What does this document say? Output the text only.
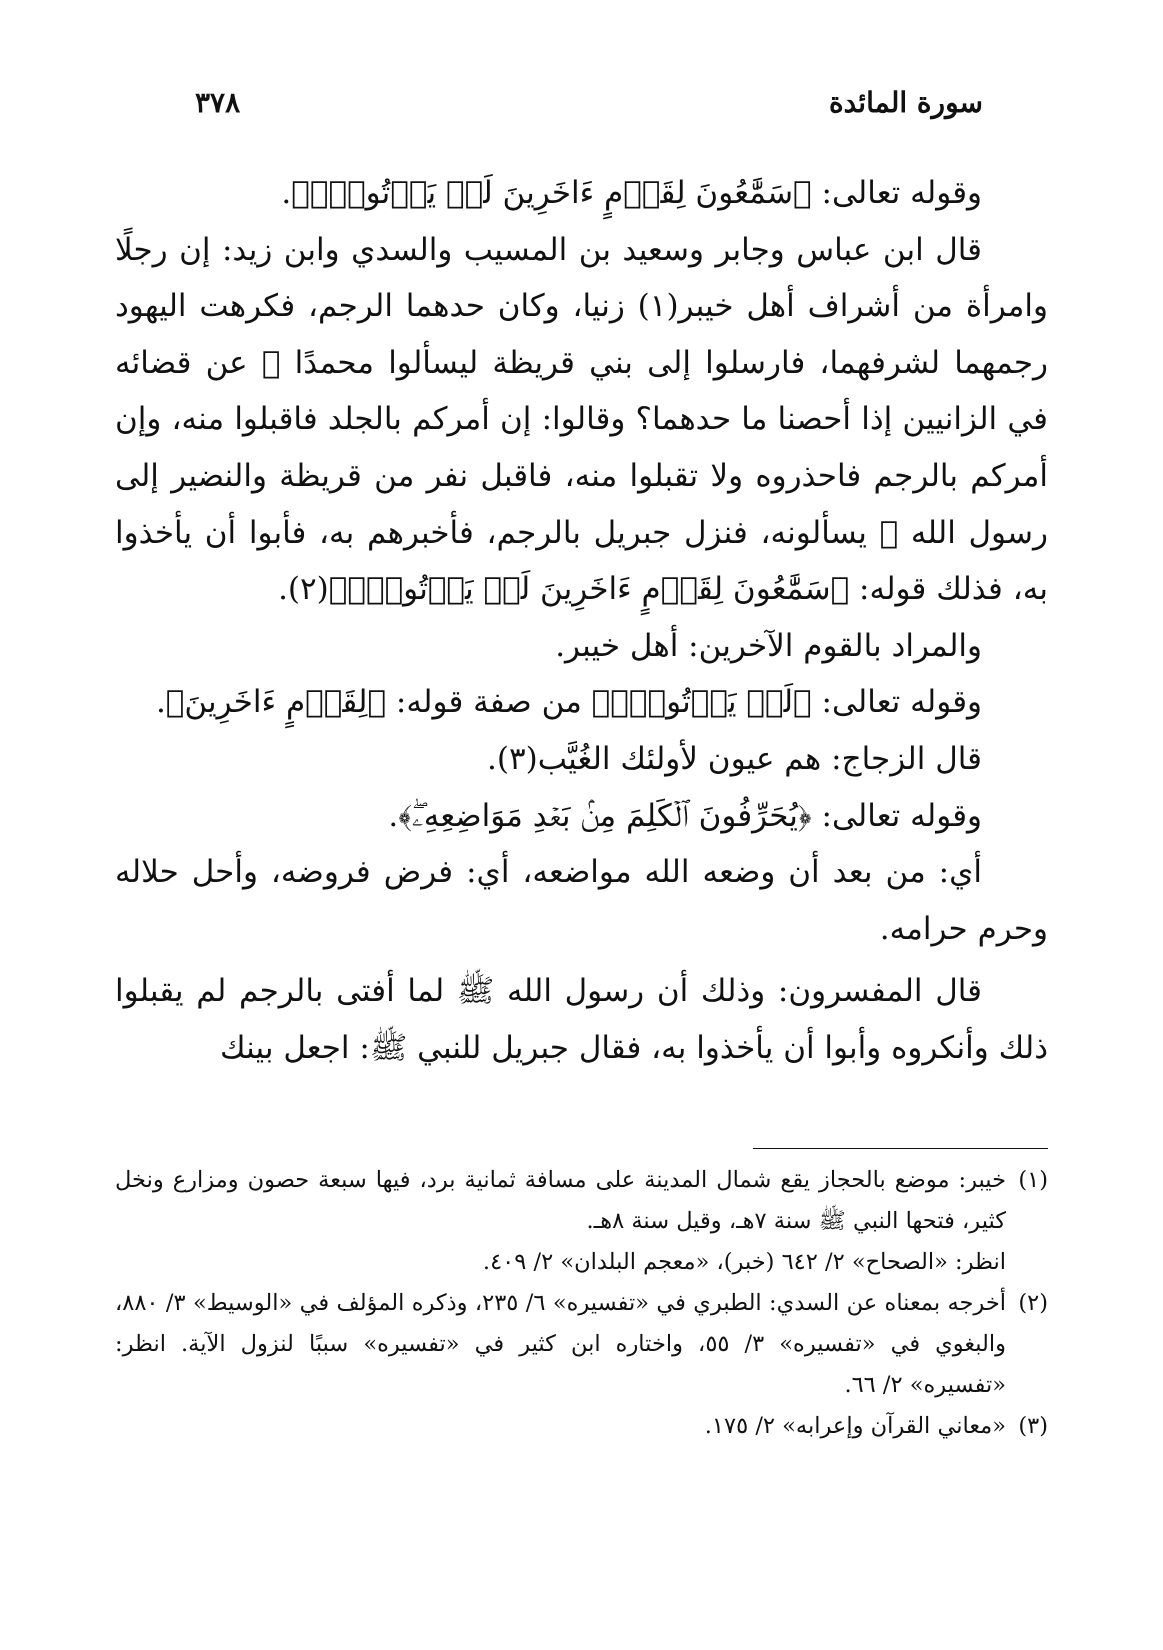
سورة المائدة
٣٧٨

وقوله تعالى: ﴿سَمَّٰعُونَ لِقَوۡمٍ ءَاخَرِينَ لَمۡ يَأۡتُوكَۖ﴾.

قال ابن عباس وجابر وسعيد بن المسيب والسدي وابن زيد: إن رجلًا وامرأة من أشراف أهل خيبر(١) زنيا، وكان حدهما الرجم، فكرهت اليهود رجمهما لشرفهما، فارسلوا إلى بني قريظة ليسألوا محمدًا ﷺ عن قضائه في الزانيين إذا أحصنا ما حدهما؟ وقالوا: إن أمركم بالجلد فاقبلوا منه، وإن أمركم بالرجم فاحذروه ولا تقبلوا منه، فاقبل نفر من قريظة والنضير إلى رسول الله ﷺ يسألونه، فنزل جبريل بالرجم، فأخبرهم به، فأبوا أن يأخذوا به، فذلك قوله: ﴿سَمَّٰعُونَ لِقَوۡمٍ ءَاخَرِينَ لَمۡ يَأۡتُوكَۖ﴾(٢).

والمراد بالقوم الآخرين: أهل خيبر.

وقوله تعالى: ﴿لَمۡ يَأۡتُوكَۖ﴾ من صفة قوله: ﴿لِقَوۡمٍ ءَاخَرِينَ﴾.

قال الزجاج: هم عيون لأولئك الغُيَّب(٣).

وقوله تعالى: ﴿يُحَرِّفُونَ ٱلۡكَلِمَ مِنۢ بَعۡدِ مَوَاضِعِهِۦۖ﴾.

أي: من بعد أن وضعه الله مواضعه، أي: فرض فروضه، وأحل حلاله وحرم حرامه.

قال المفسرون: وذلك أن رسول الله ﷺ لما أفتى بالرجم لم يقبلوا ذلك وأنكروه وأبوا أن يأخذوا به، فقال جبريل للنبي ﷺ: اجعل بينك

(١)

خيبر: موضع بالحجاز يقع شمال المدينة على مسافة ثمانية برد، فيها سبعة حصون ومزارع ونخل كثير، فتحها النبي ﷺ سنة ٧هـ، وقيل سنة ٨هـ.

انظر: «الصحاح» ٢/ ٦٤٢ (خبر)، «معجم البلدان» ٢/ ٤٠٩.

(٢)

أخرجه بمعناه عن السدي: الطبري في «تفسيره» ٦/ ٢٣٥، وذكره المؤلف في «الوسيط» ٣/ ٨٨٠، والبغوي في «تفسيره» ٣/ ٥٥، واختاره ابن كثير في «تفسيره» سببًا لنزول الآية. انظر: «تفسيره» ٢/ ٦٦.

(٣)

«معاني القرآن وإعرابه» ٢/ ١٧٥.
